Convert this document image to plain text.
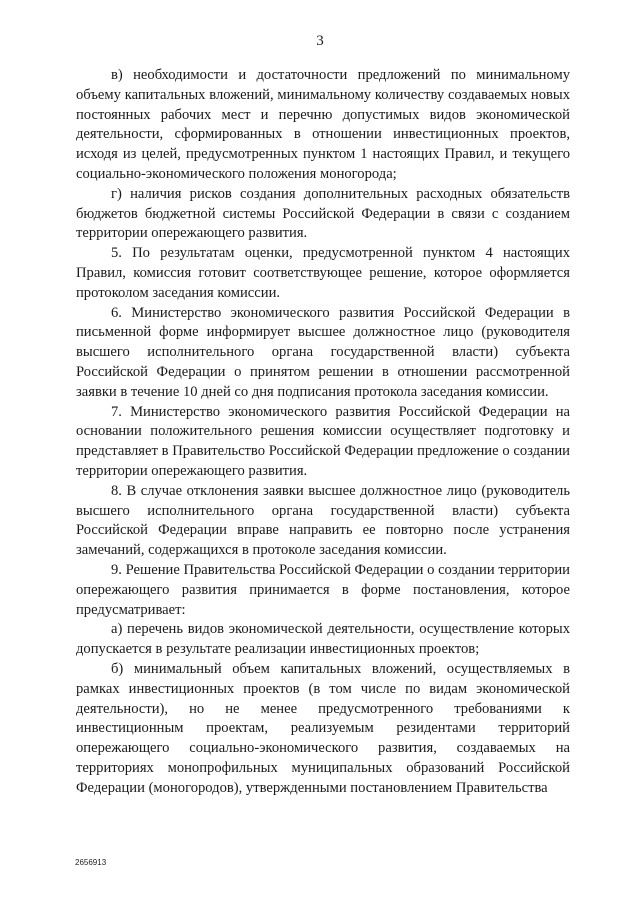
3

в) необходимости и достаточности предложений по минимальному объему капитальных вложений, минимальному количеству создаваемых новых постоянных рабочих мест и перечню допустимых видов экономической деятельности, сформированных в отношении инвестиционных проектов, исходя из целей, предусмотренных пунктом 1 настоящих Правил, и текущего социально-экономического положения моногорода;

г) наличия рисков создания дополнительных расходных обязательств бюджетов бюджетной системы Российской Федерации в связи с созданием территории опережающего развития.

5. По результатам оценки, предусмотренной пунктом 4 настоящих Правил, комиссия готовит соответствующее решение, которое оформляется протоколом заседания комиссии.

6. Министерство экономического развития Российской Федерации в письменной форме информирует высшее должностное лицо (руководителя высшего исполнительного органа государственной власти) субъекта Российской Федерации о принятом решении в отношении рассмотренной заявки в течение 10 дней со дня подписания протокола заседания комиссии.

7. Министерство экономического развития Российской Федерации на основании положительного решения комиссии осуществляет подготовку и представляет в Правительство Российской Федерации предложение о создании территории опережающего развития.

8. В случае отклонения заявки высшее должностное лицо (руководитель высшего исполнительного органа государственной власти) субъекта Российской Федерации вправе направить ее повторно после устранения замечаний, содержащихся в протоколе заседания комиссии.

9. Решение Правительства Российской Федерации о создании территории опережающего развития принимается в форме постановления, которое предусматривает:

а) перечень видов экономической деятельности, осуществление которых допускается в результате реализации инвестиционных проектов;

б) минимальный объем капитальных вложений, осуществляемых в рамках инвестиционных проектов (в том числе по видам экономической деятельности), но не менее предусмотренного требованиями к инвестиционным проектам, реализуемым резидентами территорий опережающего социально-экономического развития, создаваемых на территориях монопрофильных муниципальных образований Российской Федерации (моногородов), утвержденными постановлением Правительства

2656913
